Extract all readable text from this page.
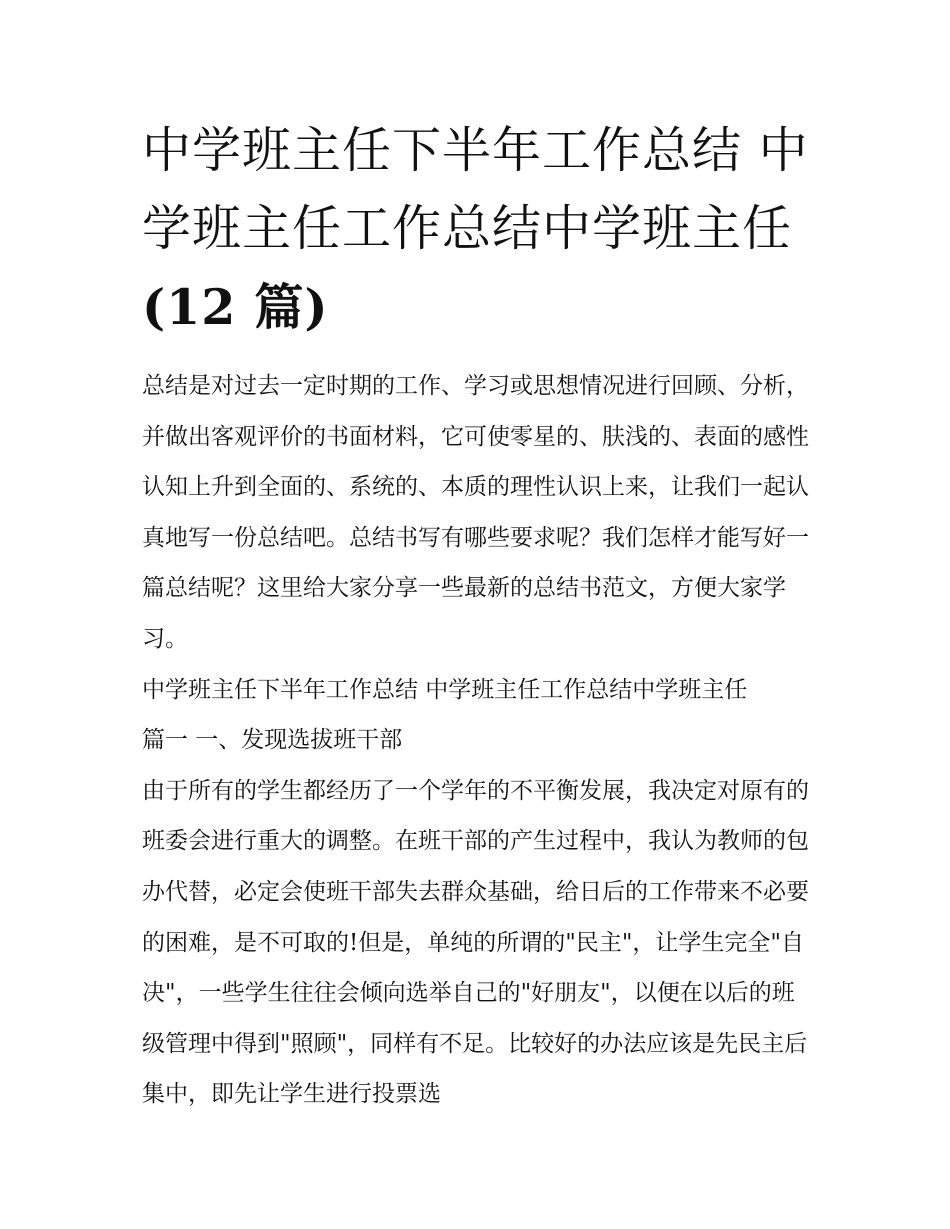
中学班主任下半年工作总结 中学班主任工作总结中学班主任(12 篇)

总结是对过去一定时期的工作、学习或思想情况进行回顾、分析，并做出客观评价的书面材料，它可使零星的、肤浅的、表面的感性认知上升到全面的、系统的、本质的理性认识上来，让我们一起认真地写一份总结吧。总结书写有哪些要求呢？我们怎样才能写好一篇总结呢？这里给大家分享一些最新的总结书范文，方便大家学习。

中学班主任下半年工作总结 中学班主任工作总结中学班主任

篇一 一、发现选拔班干部

由于所有的学生都经历了一个学年的不平衡发展，我决定对原有的班委会进行重大的调整。在班干部的产生过程中，我认为教师的包办代替，必定会使班干部失去群众基础，给日后的工作带来不必要的困难，是不可取的!但是，单纯的所谓的"民主"，让学生完全"自决"，一些学生往往会倾向选举自己的"好朋友"，以便在以后的班级管理中得到"照顾"，同样有不足。比较好的办法应该是先民主后集中，即先让学生进行投票选
